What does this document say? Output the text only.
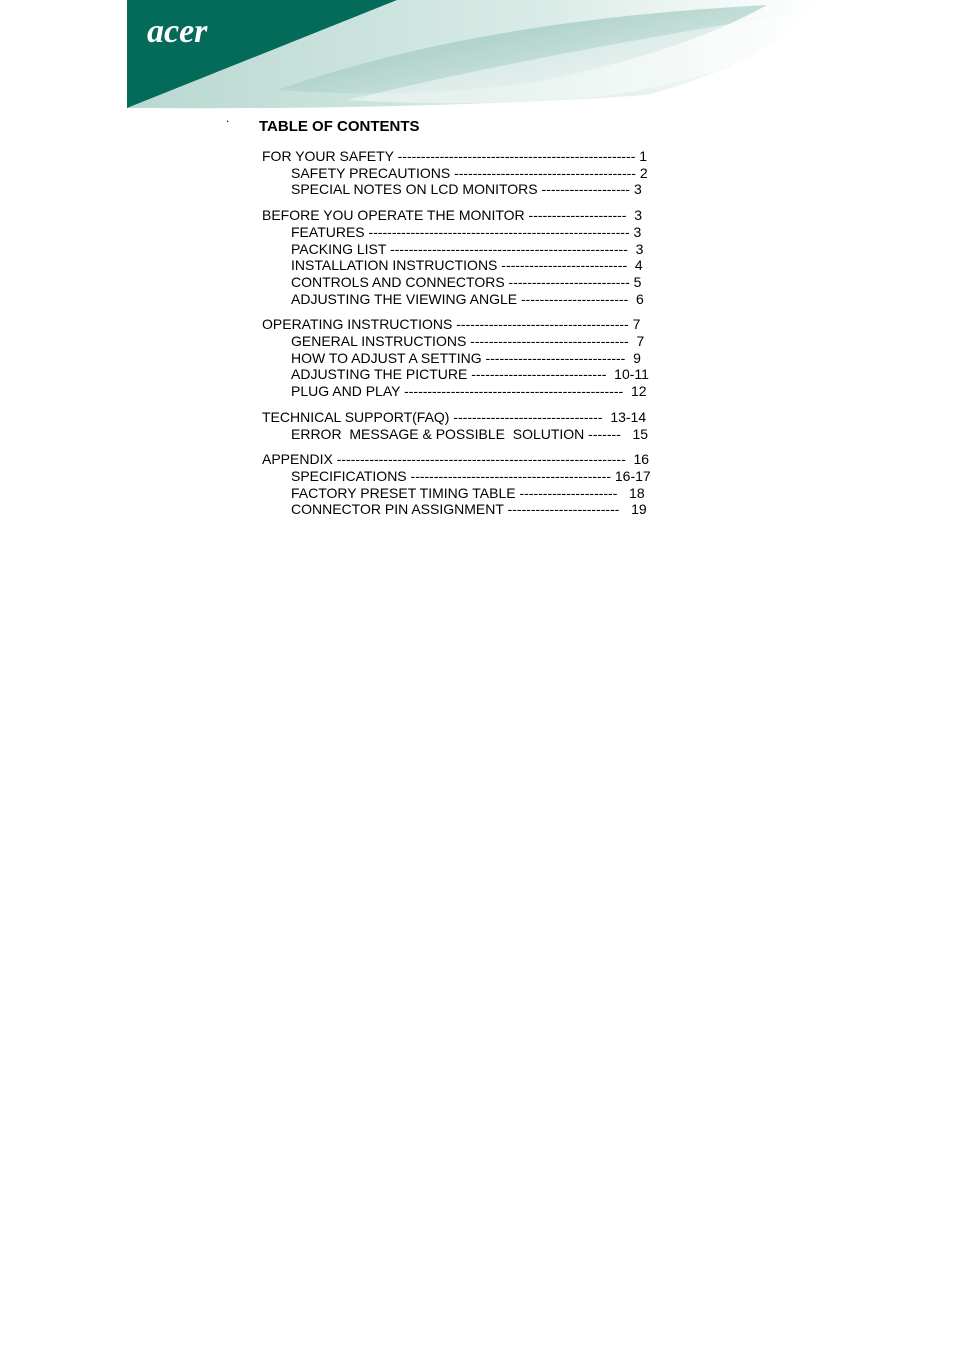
acer
. TABLE OF CONTENTS
FOR YOUR SAFETY --------------------------------------------------- 1
SAFETY PRECAUTIONS --------------------------------------- 2
SPECIAL NOTES ON LCD MONITORS ------------------- 3
BEFORE YOU OPERATE THE MONITOR ---------------------  3
FEATURES -------------------------------------------------------- 3
PACKING LIST ---------------------------------------------------  3
INSTALLATION INSTRUCTIONS ---------------------------  4
CONTROLS AND CONNECTORS -------------------------- 5
ADJUSTING THE VIEWING ANGLE -----------------------  6
OPERATING INSTRUCTIONS ------------------------------------- 7
GENERAL INSTRUCTIONS ----------------------------------  7
HOW TO ADJUST A SETTING ------------------------------  9
ADJUSTING THE PICTURE -----------------------------  10-11
PLUG AND PLAY -----------------------------------------------  12
TECHNICAL SUPPORT(FAQ) --------------------------------  13-14
ERROR  MESSAGE & POSSIBLE  SOLUTION -------   15
APPENDIX --------------------------------------------------------------  16
SPECIFICATIONS ------------------------------------------- 16-17
FACTORY PRESET TIMING TABLE ---------------------   18
CONNECTOR PIN ASSIGNMENT ------------------------   19
